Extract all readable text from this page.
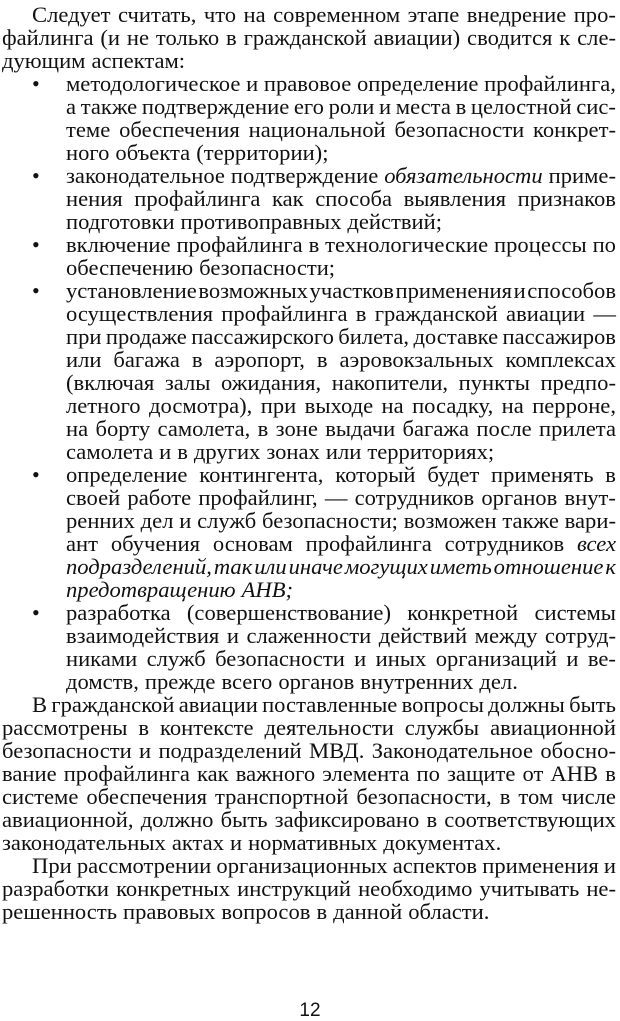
Следует считать, что на современном этапе внедрение про-
файлинга (и не только в гражданской авиации) сводится к сле-
дующим аспектам:
• методологическое и правовое определение профайлинга,
а также подтверждение его роли и места в целостной сис-
теме обеспечения национальной безопасности конкрет-
ного объекта (территории);
• законодательное подтверждение обязательности приме-
нения профайлинга как способа выявления признаков
подготовки противоправных действий;
• включение профайлинга в технологические процессы по
обеспечению безопасности;
• установление возможных участков применения и способов
осуществления профайлинга в гражданской авиации —
при продаже пассажирского билета, доставке пассажиров
или багажа в аэропорт, в аэровокзальных комплексах
(включая залы ожидания, накопители, пункты предпо-
летного досмотра), при выходе на посадку, на перроне,
на борту самолета, в зоне выдачи багажа после прилета
самолета и в других зонах или территориях;
• определение контингента, который будет применять в
своей работе профайлинг, — сотрудников органов внут-
ренних дел и служб безопасности; возможен также вари-
ант обучения основам профайлинга сотрудников всех
подразделений, так или иначе могущих иметь отношение к
предотвращению АНВ;
• разработка (совершенствование) конкретной системы
взаимодействия и слаженности действий между сотруд-
никами служб безопасности и иных организаций и ве-
домств, прежде всего органов внутренних дел.
В гражданской авиации поставленные вопросы должны быть
рассмотрены в контексте деятельности службы авиационной
безопасности и подразделений МВД. Законодательное обосно-
вание профайлинга как важного элемента по защите от АНВ в
системе обеспечения транспортной безопасности, в том числе
авиационной, должно быть зафиксировано в соответствующих
законодательных актах и нормативных документах.
При рассмотрении организационных аспектов применения и
разработки конкретных инструкций необходимо учитывать не-
решенность правовых вопросов в данной области.
12
